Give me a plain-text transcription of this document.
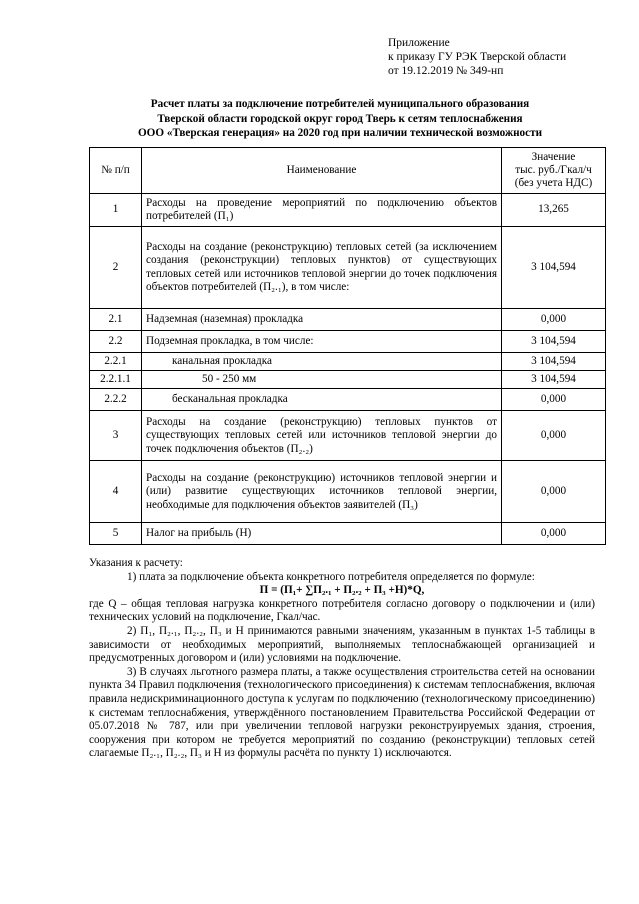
Приложение
к приказу ГУ РЭК Тверской области
от 19.12.2019 № 349-нп
Расчет платы за подключение потребителей муниципального образования
Тверской области городской округ город Тверь к сетям теплоснабжения
ООО «Тверская генерация» на 2020 год при наличии технической возможности
№ п/п	Наименование	Значение
тыс. руб./Гкал/ч
(без учета НДС)

1	Расходы на проведение мероприятий по подключению объектов потребителей (П₁)	13,265
2	Расходы на создание (реконструкцию) тепловых сетей (за исключением создания (реконструкции) тепловых пунктов) от существующих тепловых сетей или источников тепловой энергии до точек подключения объектов потребителей (П₂.₁), в том числе:	3 104,594
2.1	Надземная (наземная) прокладка	0,000
2.2	Подземная прокладка, в том числе:	3 104,594
2.2.1	канальная прокладка	3 104,594
2.2.1.1	50 - 250 мм	3 104,594
2.2.2	бесканальная прокладка	0,000
3	Расходы на создание (реконструкцию) тепловых пунктов от существующих тепловых сетей или источников тепловой энергии до точек подключения объектов (П₂.₂)	0,000
4	Расходы на создание (реконструкцию) источников тепловой энергии и (или) развитие существующих источников тепловой энергии, необходимые для подключения объектов заявителей (П₃)	0,000
5	Налог на прибыль (Н)	0,000

Указания к расчету:

1) плата за подключение объекта конкретного потребителя определяется по формуле:

П = (П₁+ ∑П₂.₁ + П₂.₂ + П₃ +Н)*Q,

где Q – общая тепловая нагрузка конкретного потребителя согласно договору о подключении и (или) технических условий на подключение, Гкал/час.

2) П₁, П₂.₁, П₂.₂, П₃ и Н принимаются равными значениям, указанным в пунктах 1-5 таблицы в зависимости от необходимых мероприятий, выполняемых теплоснабжающей организацией и предусмотренных договором и (или) условиями на подключение.

3) В случаях льготного размера платы, а также осуществления строительства сетей на основании пункта 34 Правил подключения (технологического присоединения) к системам теплоснабжения, включая правила недискриминационного доступа к услугам по подключению (технологическому присоединению) к системам теплоснабжения, утверждённого постановлением Правительства Российской Федерации от 05.07.2018 № 787, или при увеличении тепловой нагрузки реконструируемых здания, строения, сооружения при котором не требуется мероприятий по созданию (реконструкции) тепловых сетей слагаемые П₂.₁, П₂.₂, П₃ и Н из формулы расчёта по пункту 1) исключаются.
